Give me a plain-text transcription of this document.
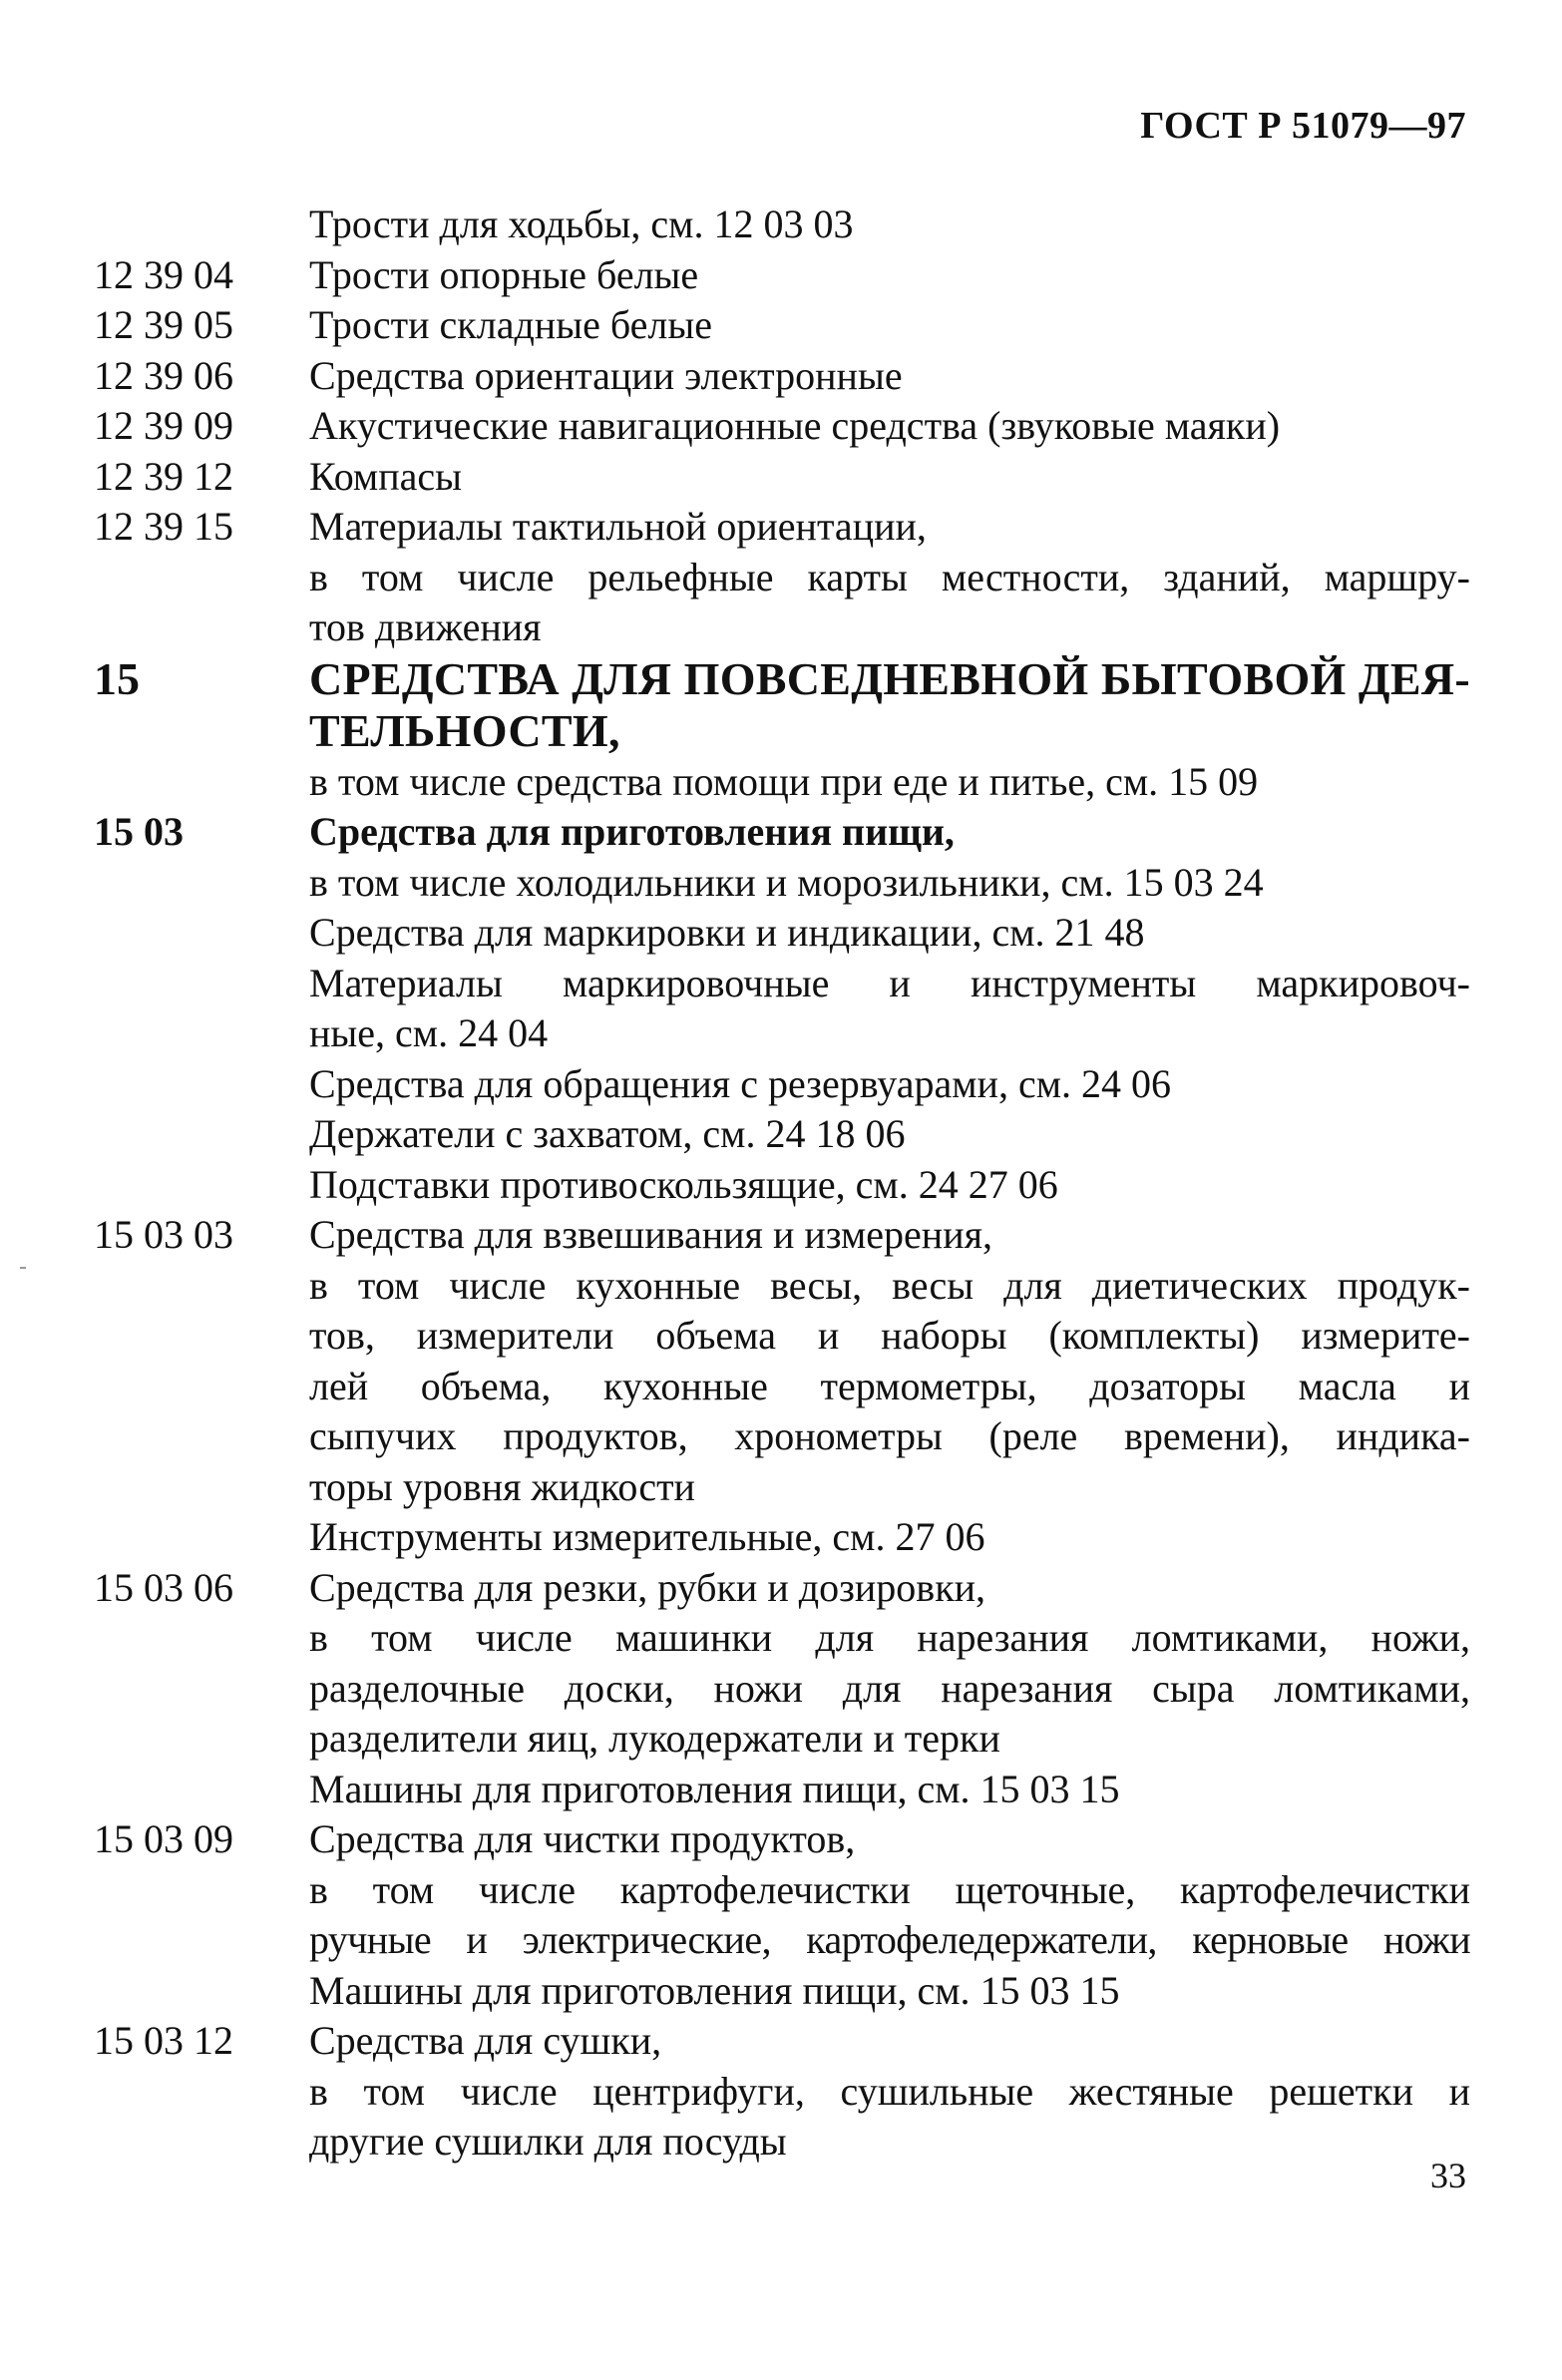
ГОСТ Р 51079—97
Трости для ходьбы, см. 12 03 03
12 39 04	Трости опорные белые
12 39 05	Трости складные белые
12 39 06	Средства ориентации электронные
12 39 09	Акустические навигационные средства (звуковые маяки)
12 39 12	Компасы
12 39 15	Материалы тактильной ориентации,
в том числе рельефные карты местности, зданий, маршру-
тов движения
15	СРЕДСТВА ДЛЯ ПОВСЕДНЕВНОЙ БЫТОВОЙ ДЕЯ-
ТЕЛЬНОСТИ,
в том числе средства помощи при еде и питье, см. 15 09
15 03	Средства для приготовления пищи,
в том числе холодильники и морозильники, см. 15 03 24
Средства для маркировки и индикации, см. 21 48
Материалы маркировочные и инструменты маркировоч-
ные, см. 24 04
Средства для обращения с резервуарами, см. 24 06
Держатели с захватом, см. 24 18 06
Подставки противоскользящие, см. 24 27 06
15 03 03	Средства для взвешивания и измерения,
в том числе кухонные весы, весы для диетических продук-
тов, измерители объема и наборы (комплекты) измерите-
лей объема, кухонные термометры, дозаторы масла и
сыпучих продуктов, хронометры (реле времени), индика-
торы уровня жидкости
Инструменты измерительные, см. 27 06
15 03 06	Средства для резки, рубки и дозировки,
в том числе машинки для нарезания ломтиками, ножи,
разделочные доски, ножи для нарезания сыра ломтиками,
разделители яиц, лукодержатели и терки
Машины для приготовления пищи, см. 15 03 15
15 03 09	Средства для чистки продуктов,
в том числе картофелечистки щеточные, картофелечистки
ручные и электрические, картофеледержатели, керновые ножи
Машины для приготовления пищи, см. 15 03 15
15 03 12	Средства для сушки,
в том числе центрифуги, сушильные жестяные решетки и
другие сушилки для посуды
33
